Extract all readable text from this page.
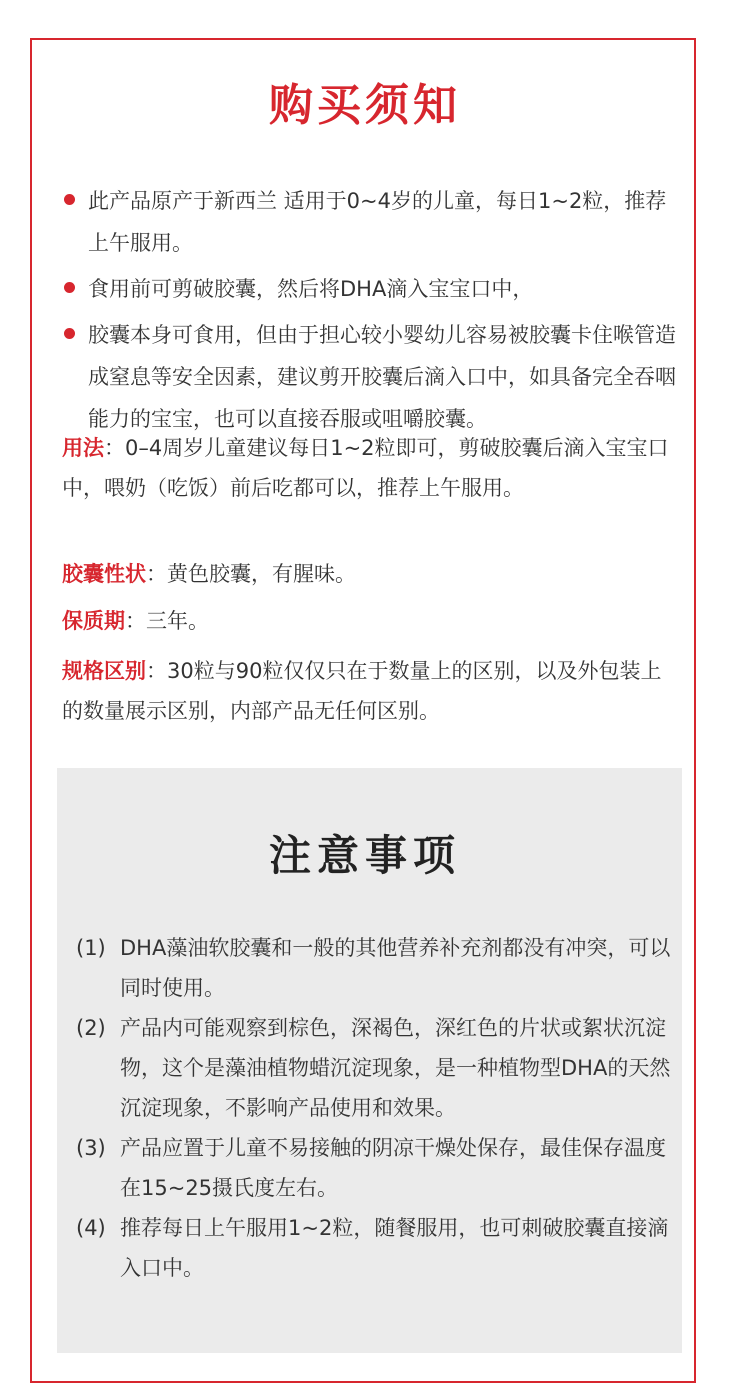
购买须知
此产品原产于新西兰 适用于0~4岁的儿童，每日1~2粒，推荐上午服用。
食用前可剪破胶囊，然后将DHA滴入宝宝口中，
胶囊本身可食用，但由于担心较小婴幼儿容易被胶囊卡住喉管造成窒息等安全因素，建议剪开胶囊后滴入口中，如具备完全吞咽能力的宝宝，也可以直接吞服或咀嚼胶囊。

用法：0–4周岁儿童建议每日1~2粒即可，剪破胶囊后滴入宝宝口中，喂奶（吃饭）前后吃都可以，推荐上午服用。

胶囊性状：黄色胶囊，有腥味。

保质期：三年。

规格区别：30粒与90粒仅仅只在于数量上的区别，以及外包装上的数量展示区别，内部产品无任何区别。

注意事项
(1) DHA藻油软胶囊和一般的其他营养补充剂都没有冲突，可以同时使用。
(2) 产品内可能观察到棕色，深褐色，深红色的片状或絮状沉淀物，这个是藻油植物蜡沉淀现象，是一种植物型DHA的天然沉淀现象，不影响产品使用和效果。
(3) 产品应置于儿童不易接触的阴凉干燥处保存，最佳保存温度在15~25摄氏度左右。
(4) 推荐每日上午服用1~2粒，随餐服用，也可刺破胶囊直接滴入口中。
